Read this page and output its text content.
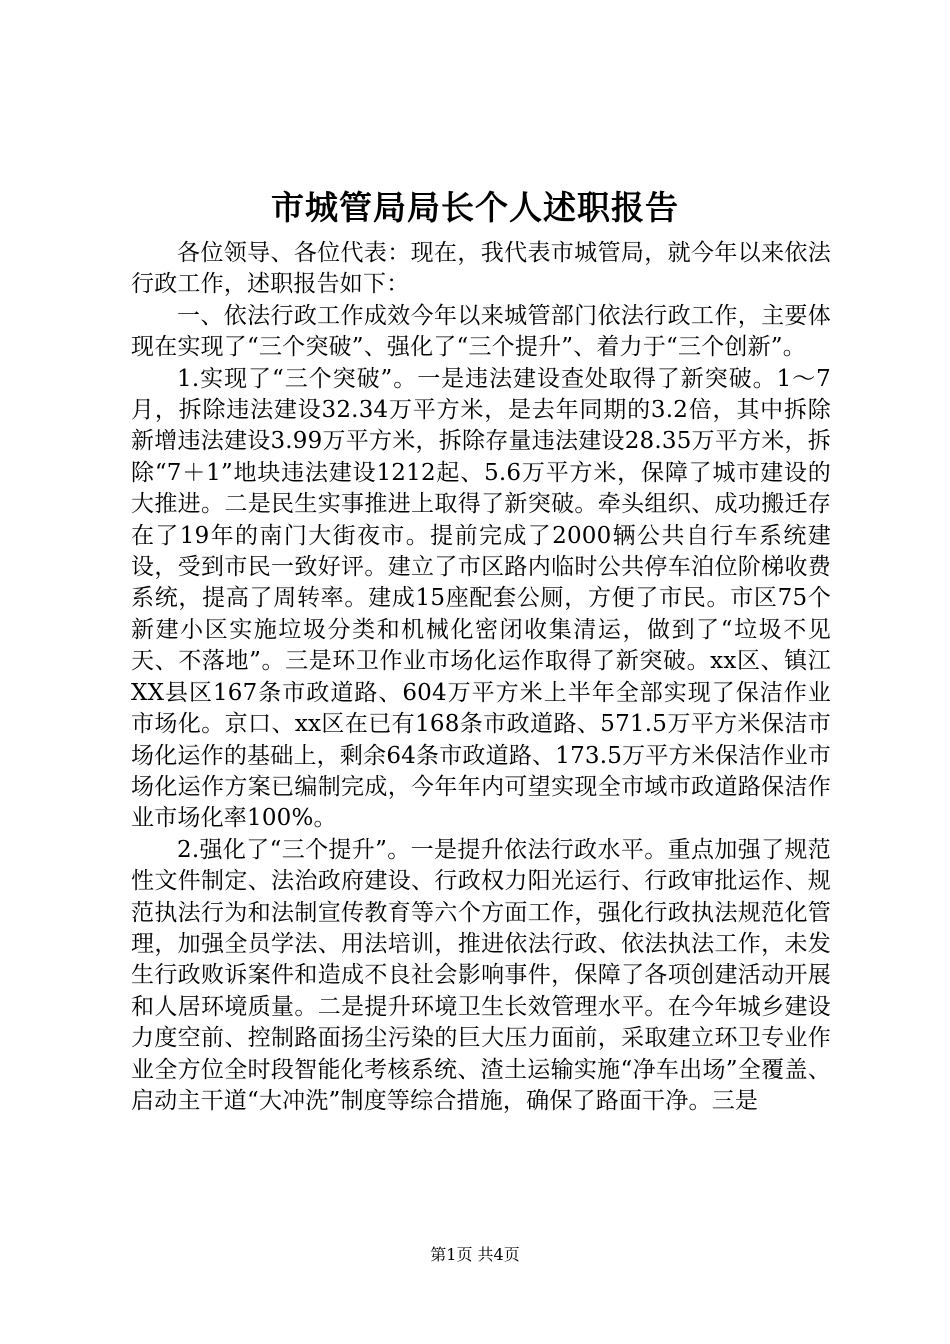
市城管局局长个人述职报告

各位领导、各位代表：现在，我代表市城管局，就今年以来依法行政工作，述职报告如下：

一、依法行政工作成效今年以来城管部门依法行政工作，主要体现在实现了“三个突破”、强化了“三个提升”、着力于“三个创新”。

1.实现了“三个突破”。一是违法建设查处取得了新突破。1～7月，拆除违法建设32.34万平方米，是去年同期的3.2倍，其中拆除新增违法建设3.99万平方米，拆除存量违法建设28.35万平方米，拆除“7＋1”地块违法建设1212起、5.6万平方米，保障了城市建设的大推进。二是民生实事推进上取得了新突破。牵头组织、成功搬迁存在了19年的南门大街夜市。提前完成了2000辆公共自行车系统建设，受到市民一致好评。建立了市区路内临时公共停车泊位阶梯收费系统，提高了周转率。建成15座配套公厕，方便了市民。市区75个新建小区实施垃圾分类和机械化密闭收集清运，做到了“垃圾不见天、不落地”。三是环卫作业市场化运作取得了新突破。xx区、镇江XX县区167条市政道路、604万平方米上半年全部实现了保洁作业市场化。京口、xx区在已有168条市政道路、571.5万平方米保洁市场化运作的基础上，剩余64条市政道路、173.5万平方米保洁作业市场化运作方案已编制完成，今年年内可望实现全市域市政道路保洁作业市场化率100%。

2.强化了“三个提升”。一是提升依法行政水平。重点加强了规范性文件制定、法治政府建设、行政权力阳光运行、行政审批运作、规范执法行为和法制宣传教育等六个方面工作，强化行政执法规范化管理，加强全员学法、用法培训，推进依法行政、依法执法工作，未发生行政败诉案件和造成不良社会影响事件，保障了各项创建活动开展和人居环境质量。二是提升环境卫生长效管理水平。在今年城乡建设力度空前、控制路面扬尘污染的巨大压力面前，采取建立环卫专业作业全方位全时段智能化考核系统、渣土运输实施“净车出场”全覆盖、启动主干道“大冲洗”制度等综合措施，确保了路面干净。三是

第1页 共4页
